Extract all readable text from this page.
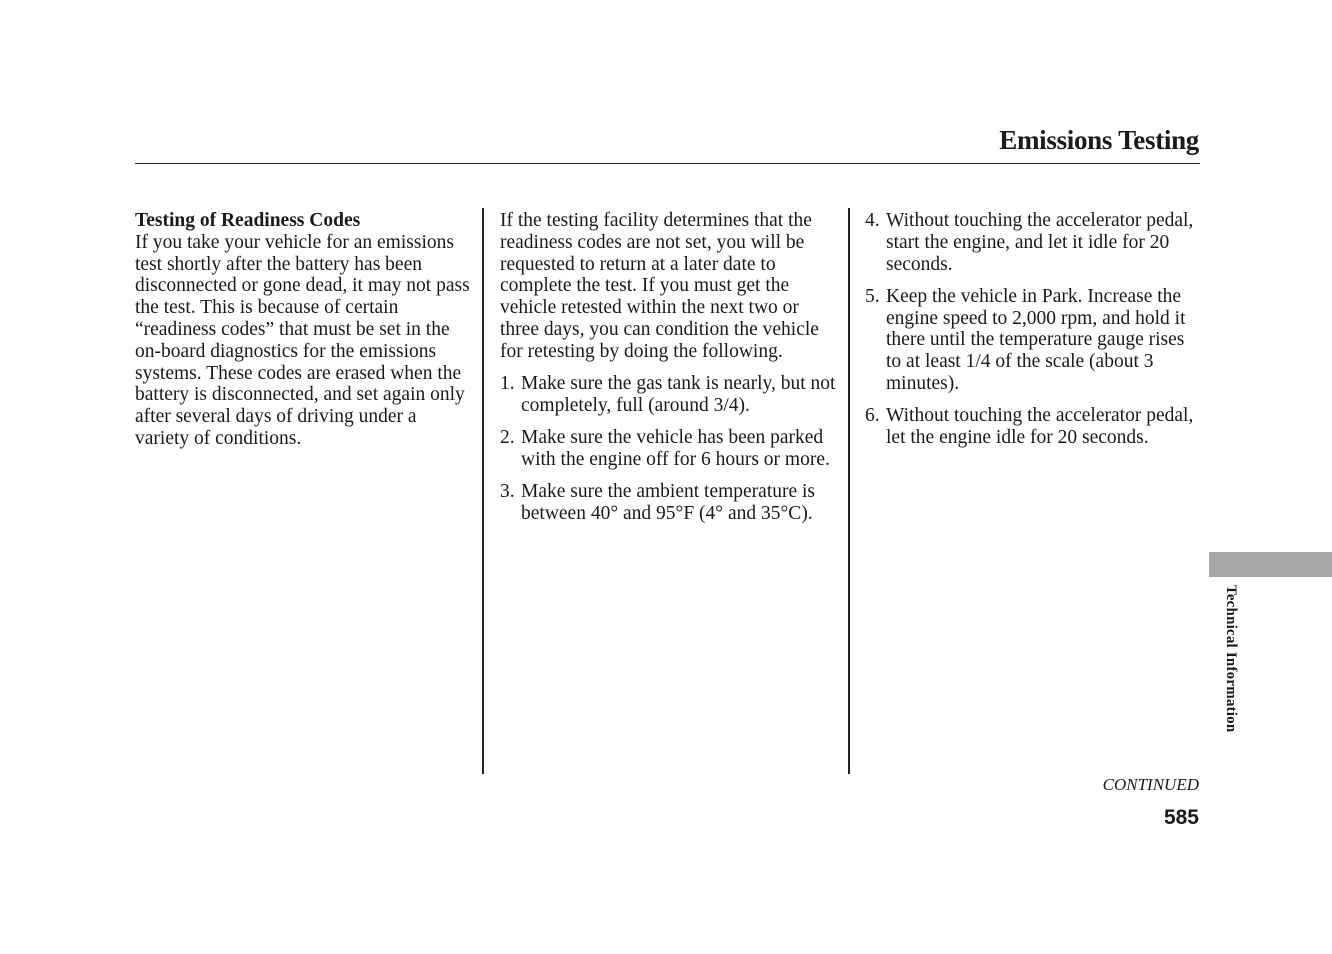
Emissions Testing

Testing of Readiness Codes

If you take your vehicle for an emissions test shortly after the battery has been disconnected or gone dead, it may not pass the test. This is because of certain “readiness codes” that must be set in the on-board diagnostics for the emissions systems. These codes are erased when the battery is disconnected, and set again only after several days of driving under a variety of conditions.

If the testing facility determines that the readiness codes are not set, you will be requested to return at a later date to complete the test. If you must get the vehicle retested within the next two or three days, you can condition the vehicle for retesting by doing the following.

1. Make sure the gas tank is nearly, but not completely, full (around 3/4).
2. Make sure the vehicle has been parked with the engine off for 6 hours or more.
3. Make sure the ambient temperature is between 40° and 95°F (4° and 35°C).
4. Without touching the accelerator pedal, start the engine, and let it idle for 20 seconds.
5. Keep the vehicle in Park. Increase the engine speed to 2,000 rpm, and hold it there until the temperature gauge rises to at least 1/4 of the scale (about 3 minutes).
6. Without touching the accelerator pedal, let the engine idle for 20 seconds.
Technical Information
CONTINUED
585
